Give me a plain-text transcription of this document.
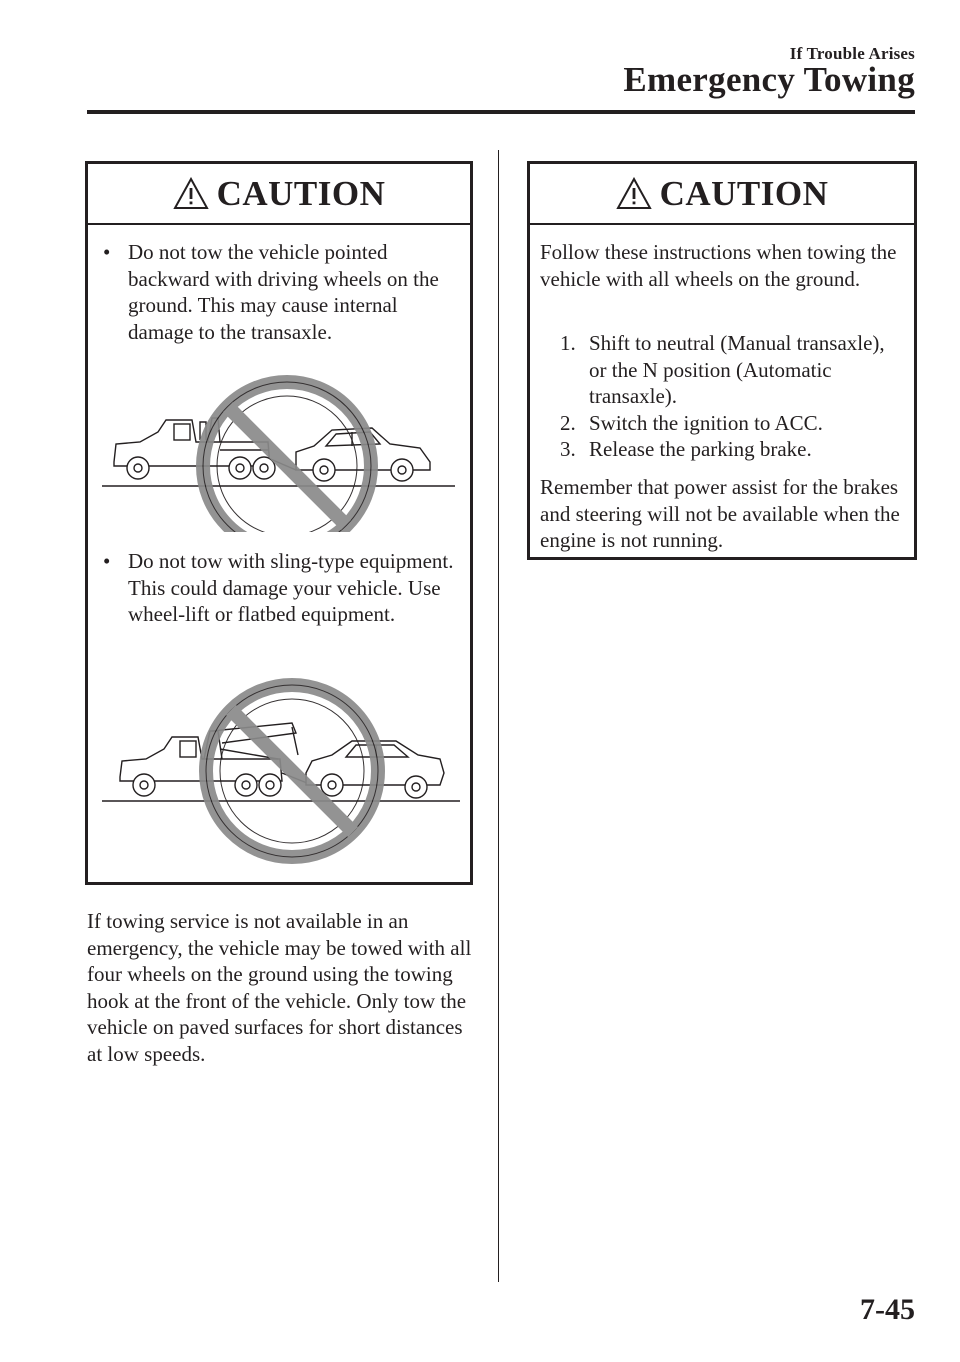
If Trouble Arises
Emergency Towing
CAUTION
• Do not tow the vehicle pointed backward with driving wheels on the ground. This may cause internal damage to the transaxle.
• Do not tow with sling-type equipment. This could damage your vehicle. Use wheel-lift or flatbed equipment.
CAUTION
Follow these instructions when towing the vehicle with all wheels on the ground.
1. Shift to neutral (Manual transaxle), or the N position (Automatic transaxle).
2. Switch the ignition to ACC.
3. Release the parking brake.
Remember that power assist for the brakes and steering will not be available when the engine is not running.
If towing service is not available in an emergency, the vehicle may be towed with all four wheels on the ground using the towing hook at the front of the vehicle. Only tow the vehicle on paved surfaces for short distances at low speeds.
7-45
